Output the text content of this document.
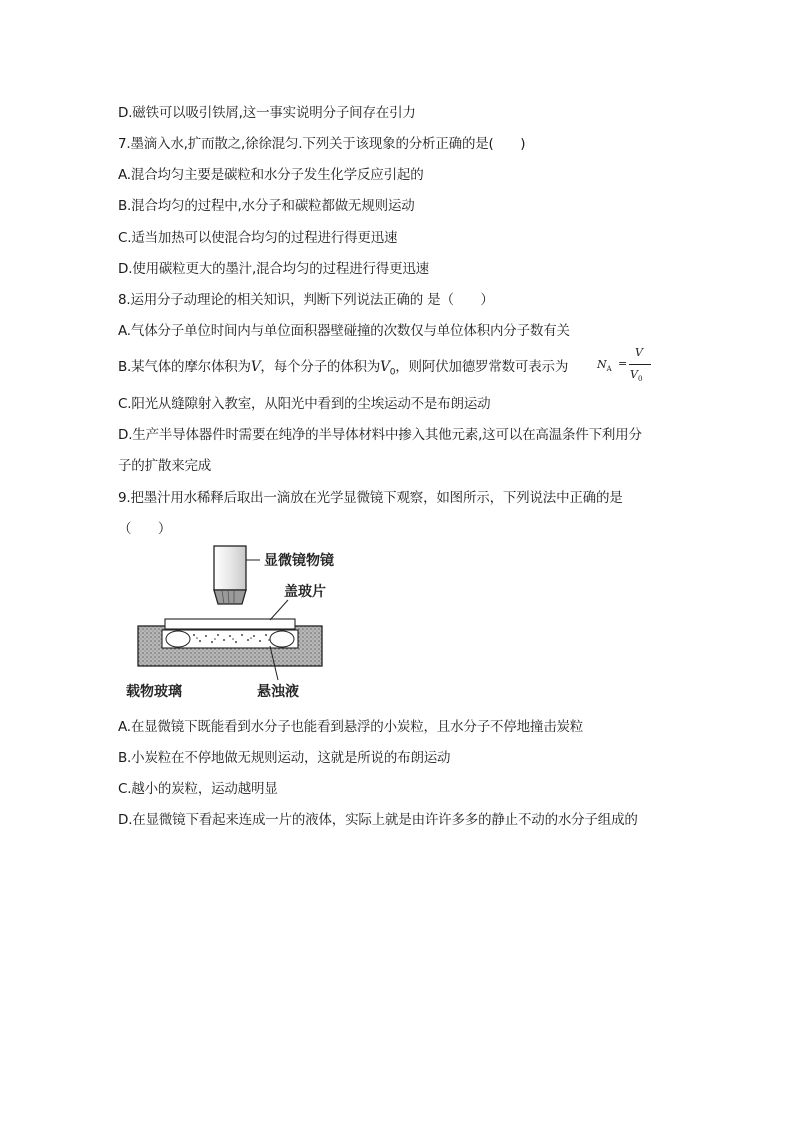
D.磁铁可以吸引铁屑,这一事实说明分子间存在引力
7.墨滴入水,扩而散之,徐徐混匀.下列关于该现象的分析正确的是(　　)
A.混合均匀主要是碳粒和水分子发生化学反应引起的
B.混合均匀的过程中,水分子和碳粒都做无规则运动
C.适当加热可以使混合均匀的过程进行得更迅速
D.使用碳粒更大的墨汁,混合均匀的过程进行得更迅速
8.运用分子动理论的相关知识，判断下列说法正确的 是（　　）
A.气体分子单位时间内与单位面积器壁碰撞的次数仅与单位体积内分子数有关
B.某气体的摩尔体积为V，每个分子的体积为$V_0$，则阿伏加德罗常数可表示为	$N_A$ =
V
$V_0$
C.阳光从缝隙射入教室，从阳光中看到的尘埃运动不是布朗运动
D.生产半导体器件时需要在纯净的半导体材料中掺入其他元素,这可以在高温条件下利用分
子的扩散来完成
9.把墨汁用水稀释后取出一滴放在光学显微镜下观察，如图所示，下列说法中正确的是
（　　）
显微镜物镜
盖玻片
载物玻璃	悬浊液
A.在显微镜下既能看到水分子也能看到悬浮的小炭粒，且水分子不停地撞击炭粒
B.小炭粒在不停地做无规则运动，这就是所说的布朗运动
C.越小的炭粒，运动越明显
D.在显微镜下看起来连成一片的液体，实际上就是由许许多多的静止不动的水分子组成的
